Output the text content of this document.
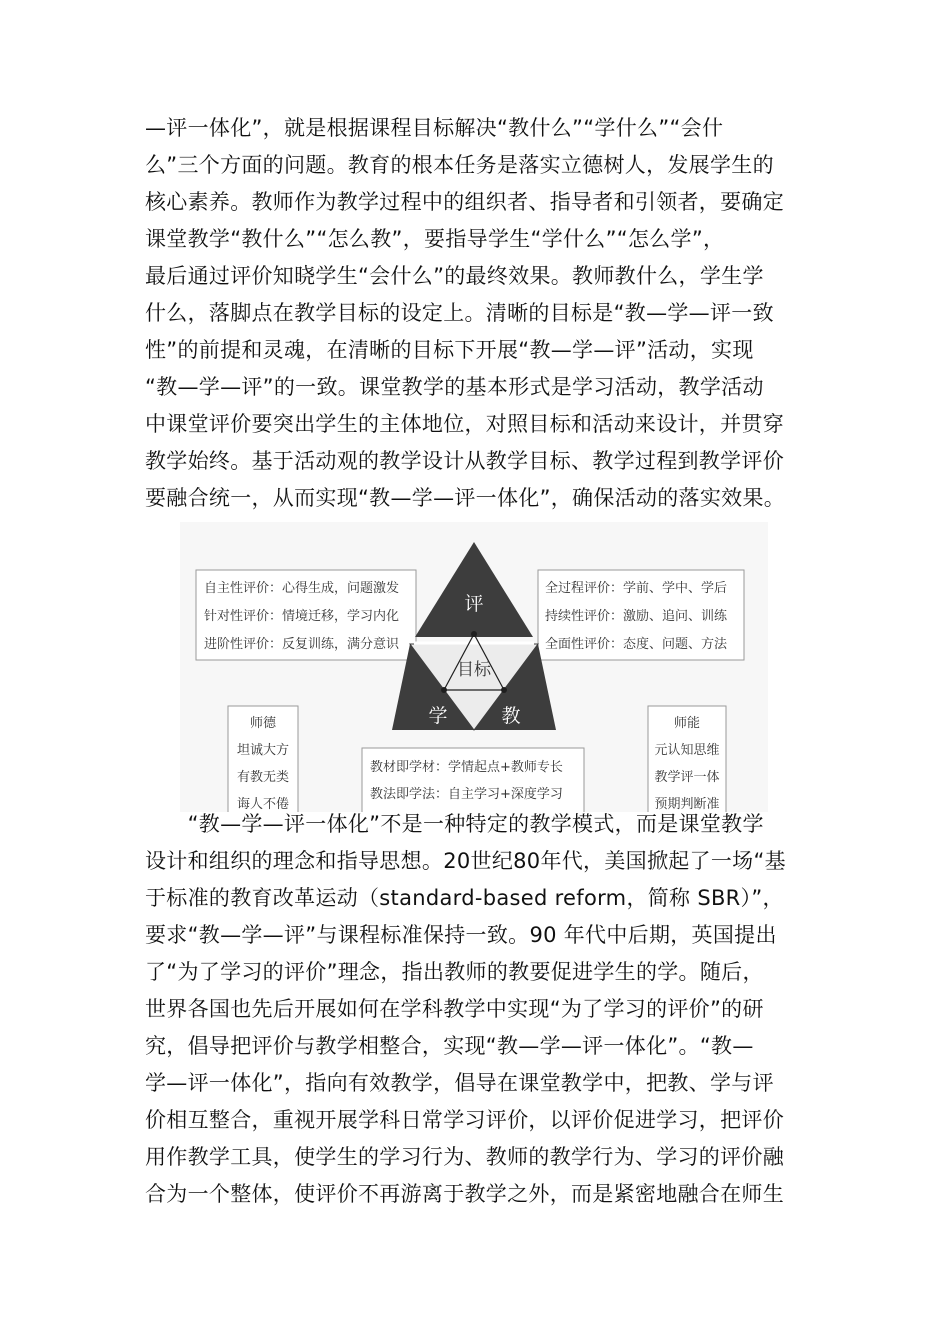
—评一体化”，就是根据课程目标解决“教什么”“学什么”“会什
么”三个方面的问题。教育的根本任务是落实立德树人，发展学生的
核心素养。教师作为教学过程中的组织者、指导者和引领者，要确定
课堂教学“教什么”“怎么教”，要指导学生“学什么”“怎么学”，
最后通过评价知晓学生“会什么”的最终效果。教师教什么，学生学
什么，落脚点在教学目标的设定上。清晰的目标是“教—学—评一致
性”的前提和灵魂，在清晰的目标下开展“教—学—评”活动，实现
“教—学—评”的一致。课堂教学的基本形式是学习活动，教学活动
中课堂评价要突出学生的主体地位，对照目标和活动来设计，并贯穿
教学始终。基于活动观的教学设计从教学目标、教学过程到教学评价
要融合统一，从而实现“教—学—评一体化”，确保活动的落实效果。
自主性评价：心得生成，问题激发
针对性评价：情境迁移，学习内化
进阶性评价：反复训练，满分意识
全过程评价：学前、学中、学后
持续性评价：激励、追问、训练
全面性评价：态度、问题、方法
评
目标
学	教
师德
坦诚大方
有教无类
诲人不倦
师能
元认知思维
教学评一体
预期判断准
教材即学材：学情起点+教师专长
教法即学法：自主学习+深度学习
　　“教—学—评一体化”不是一种特定的教学模式，而是课堂教学
设计和组织的理念和指导思想。20世纪80年代，美国掀起了一场“基
于标准的教育改革运动（standard-based reform，简称 SBR）”，
要求“教—学—评”与课程标准保持一致。90 年代中后期，英国提出
了“为了学习的评价”理念，指出教师的教要促进学生的学。随后，
世界各国也先后开展如何在学科教学中实现“为了学习的评价”的研
究，倡导把评价与教学相整合，实现“教—学—评一体化”。“教—
学—评一体化”，指向有效教学，倡导在课堂教学中，把教、学与评
价相互整合，重视开展学科日常学习评价，以评价促进学习，把评价
用作教学工具，使学生的学习行为、教师的教学行为、学习的评价融
合为一个整体，使评价不再游离于教学之外，而是紧密地融合在师生
